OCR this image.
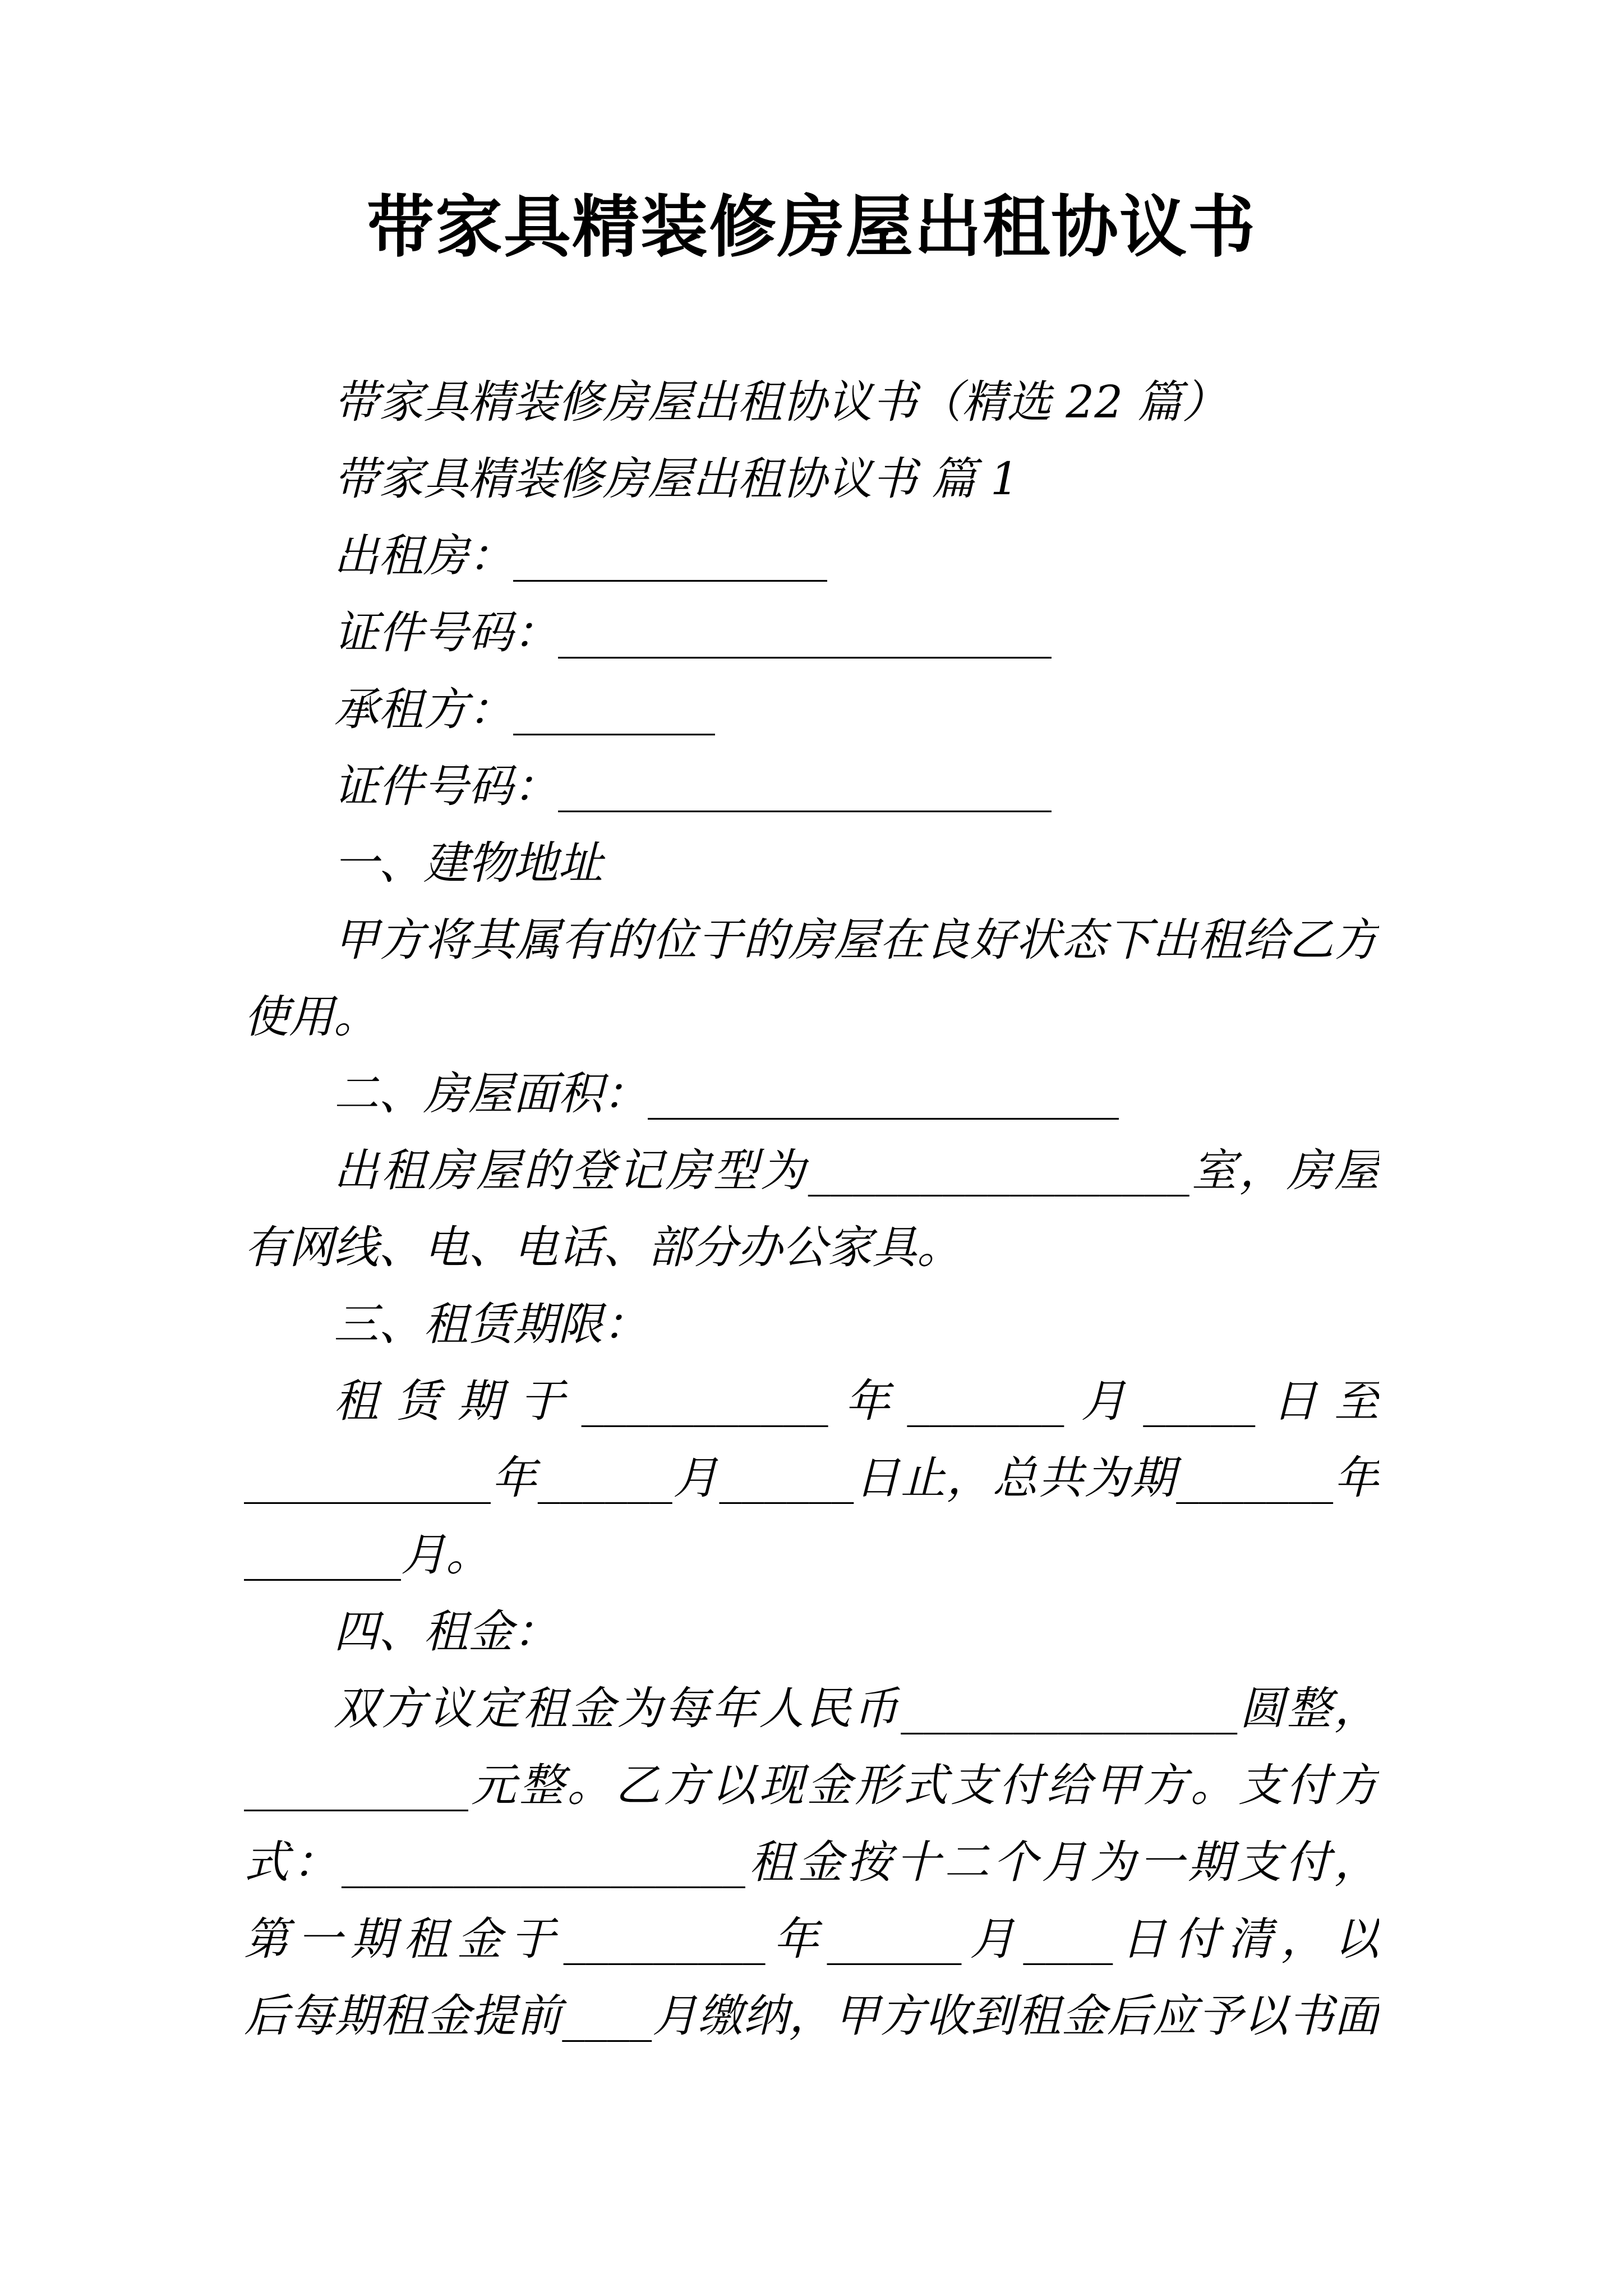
带家具精装修房屋出租协议书
带家具精装修房屋出租协议书（精选 22 篇）
带家具精装修房屋出租协议书 篇 1
出租房：______________
证件号码：______________________
承租方：_________
证件号码：______________________
一、建物地址
甲方将其属有的位于的房屋在良好状态下出租给乙方
使用。
二、房屋面积：_____________________
出租房屋的登记房型为_________________室，房屋
有网线、电、电话、部分办公家具。
三、租赁期限：
租赁期于___________年_______月_____日至
___________年______月______日止，总共为期_______年
_______月。
四、租金：
双方议定租金为每年人民币_______________圆整，
__________元整。乙方以现金形式支付给甲方。支付方
式：__________________租金按十二个月为一期支付，
第一期租金于_________年______月____日付清，以
后每期租金提前____月缴纳，甲方收到租金后应予以书面
